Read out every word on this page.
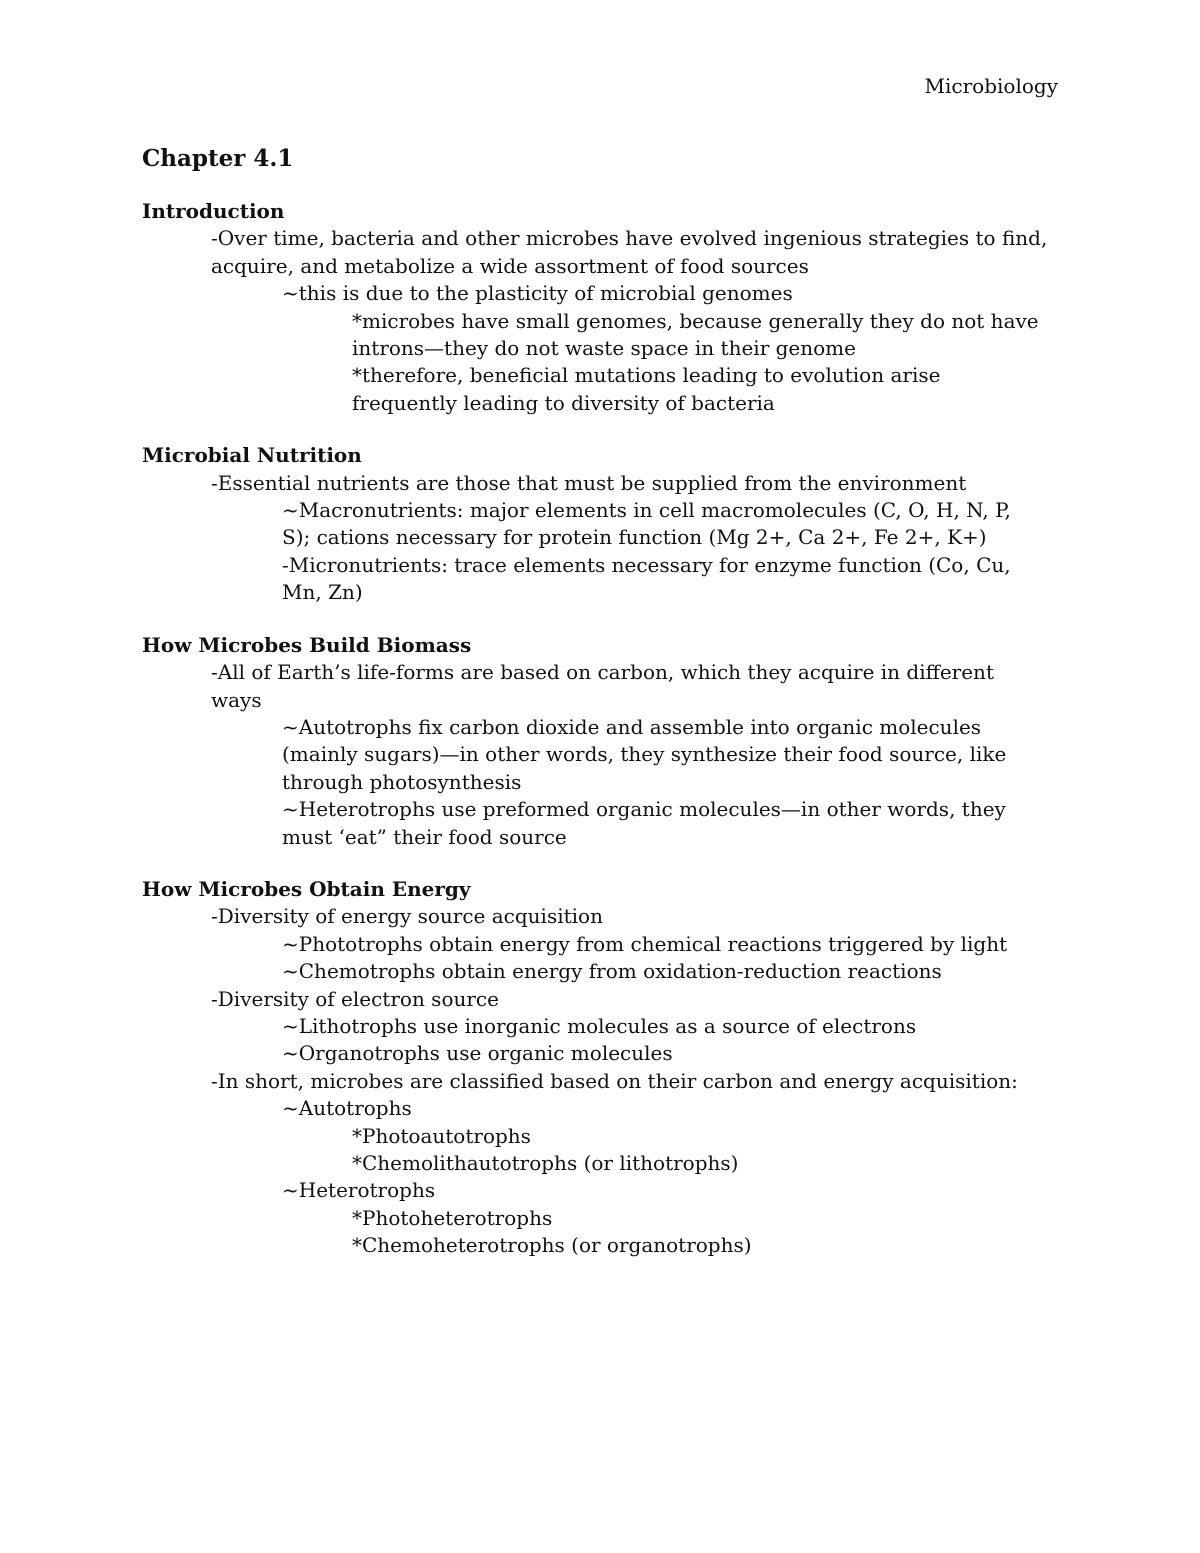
Microbiology
Chapter 4.1
Introduction
-Over time, bacteria and other microbes have evolved ingenious strategies to find,
acquire, and metabolize a wide assortment of food sources
~this is due to the plasticity of microbial genomes
*microbes have small genomes, because generally they do not have
introns—they do not waste space in their genome
*therefore, beneficial mutations leading to evolution arise
frequently leading to diversity of bacteria
Microbial Nutrition
-Essential nutrients are those that must be supplied from the environment
~Macronutrients: major elements in cell macromolecules (C, O, H, N, P,
S); cations necessary for protein function (Mg 2+, Ca 2+, Fe 2+, K+)
-Micronutrients: trace elements necessary for enzyme function (Co, Cu,
Mn, Zn)
How Microbes Build Biomass
-All of Earth’s life-forms are based on carbon, which they acquire in different
ways
~Autotrophs fix carbon dioxide and assemble into organic molecules
(mainly sugars)—in other words, they synthesize their food source, like
through photosynthesis
~Heterotrophs use preformed organic molecules—in other words, they
must ‘eat” their food source
How Microbes Obtain Energy
-Diversity of energy source acquisition
~Phototrophs obtain energy from chemical reactions triggered by light
~Chemotrophs obtain energy from oxidation-reduction reactions
-Diversity of electron source
~Lithotrophs use inorganic molecules as a source of electrons
~Organotrophs use organic molecules
-In short, microbes are classified based on their carbon and energy acquisition:
~Autotrophs
*Photoautotrophs
*Chemolithautotrophs (or lithotrophs)
~Heterotrophs
*Photoheterotrophs
*Chemoheterotrophs (or organotrophs)
